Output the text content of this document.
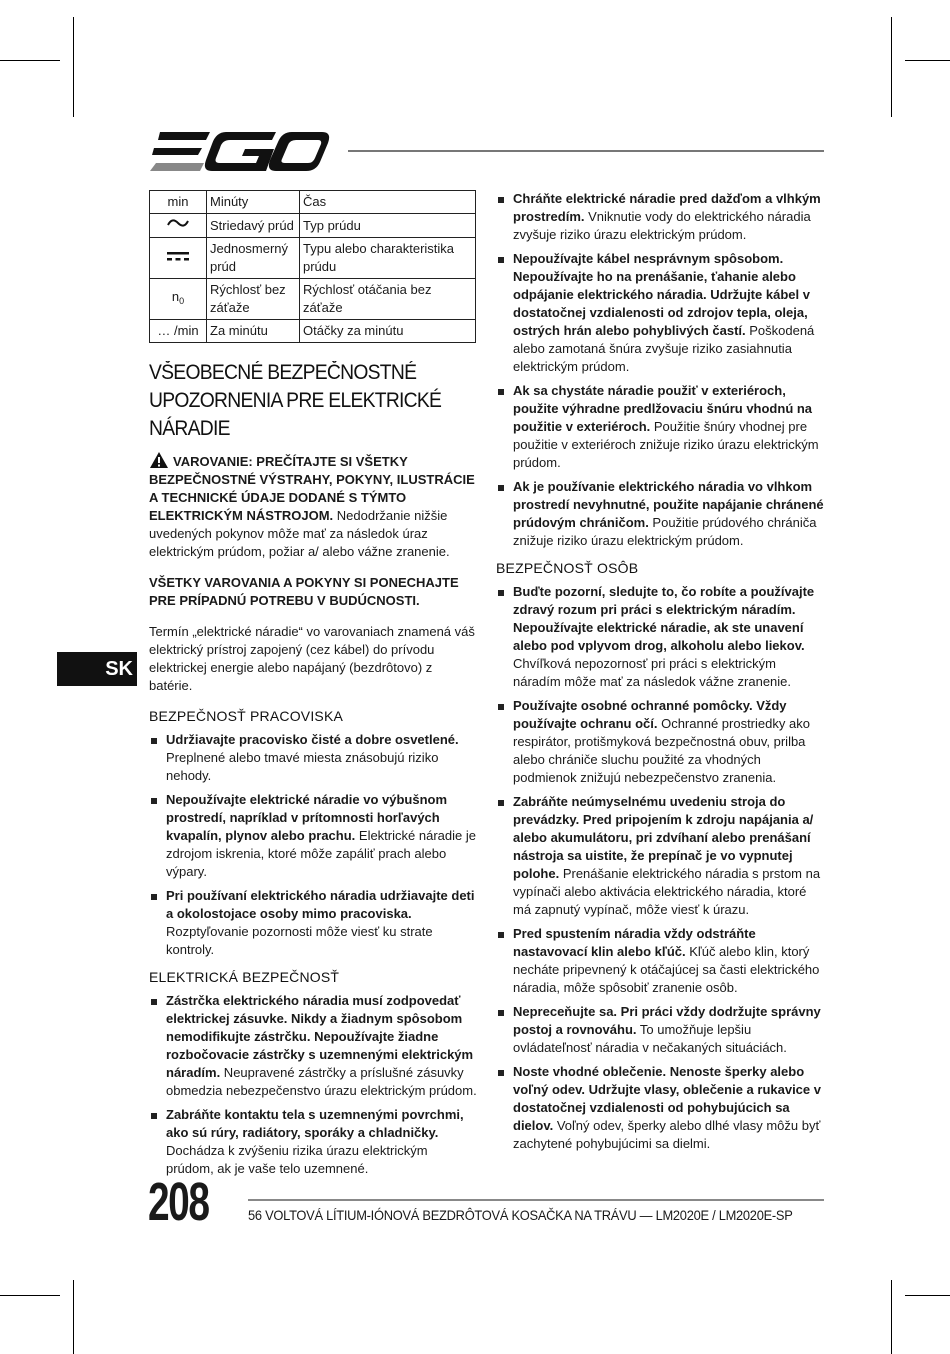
min	Minúty	Čas
	Striedavý prúd	Typ prúdu
	Jednosmerný prúd	Typu alebo charakteristika prúdu
$n_0$	Rýchlosť bez záťaže	Rýchlosť otáčania bez záťaže
… /min	Za minútu	Otáčky za minútu
VŠEOBECNÉ BEZPEČNOSTNÉ UPOZORNENIA PRE ELEKTRICKÉ NÁRADIE

VAROVANIE: PREČÍTAJTE SI VŠETKY BEZPEČNOSTNÉ VÝSTRAHY, POKYNY, ILUSTRÁCIE A TECHNICKÉ ÚDAJE DODANÉ S TÝMTO ELEKTRICKÝM NÁSTROJOM. Nedodržanie nižšie uvedených pokynov môže mať za následok úraz elektrickým prúdom, požiar a/ alebo vážne zranenie.

VŠETKY VAROVANIA A POKYNY SI PONECHAJTE PRE PRÍPADNÚ POTREBU V BUDÚCNOSTI.

Termín „elektrické náradie“ vo varovaniach znamená váš elektrický prístroj zapojený (cez kábel) do prívodu elektrickej energie alebo napájaný (bezdrôtovo) z batérie.

BEZPEČNOSŤ PRACOVISKA
Udržiavajte pracovisko čisté a dobre osvetlené. Preplnené alebo tmavé miesta znásobujú riziko nehody.
Nepoužívajte elektrické náradie vo výbušnom prostredí, napríklad v prítomnosti horľavých kvapalín, plynov alebo prachu. Elektrické náradie je zdrojom iskrenia, ktoré môže zapáliť prach alebo výpary.
Pri používaní elektrického náradia udržiavajte deti a okolostojace osoby mimo pracoviska. Rozptyľovanie pozornosti môže viesť ku strate kontroly.
ELEKTRICKÁ BEZPEČNOSŤ
Zástrčka elektrického náradia musí zodpovedať elektrickej zásuvke. Nikdy a žiadnym spôsobom nemodifikujte zástrčku. Nepoužívajte žiadne rozbočovacie zástrčky s uzemnenými elektrickým náradím. Neupravené zástrčky a príslušné zásuvky obmedzia nebezpečenstvo úrazu elektrickým prúdom.
Zabráňte kontaktu tela s uzemnenými povrchmi, ako sú rúry, radiátory, sporáky a chladničky. Dochádza k zvýšeniu rizika úrazu elektrickým prúdom, ak je vaše telo uzemnené.
Chráňte elektrické náradie pred dažďom a vlhkým prostredím. Vniknutie vody do elektrického náradia zvyšuje riziko úrazu elektrickým prúdom.
Nepoužívajte kábel nesprávnym spôsobom. Nepoužívajte ho na prenášanie, ťahanie alebo odpájanie elektrického náradia. Udržujte kábel v dostatočnej vzdialenosti od zdrojov tepla, oleja, ostrých hrán alebo pohyblivých častí. Poškodená alebo zamotaná šnúra zvyšuje riziko zasiahnutia elektrickým prúdom.
Ak sa chystáte náradie použiť v exteriéroch, použite výhradne predlžovaciu šnúru vhodnú na použitie v exteriéroch. Použitie šnúry vhodnej pre použitie v exteriéroch znižuje riziko úrazu elektrickým prúdom.
Ak je používanie elektrického náradia vo vlhkom prostredí nevyhnutné, použite napájanie chránené prúdovým chráničom. Použitie prúdového chrániča znižuje riziko úrazu elektrickým prúdom.
BEZPEČNOSŤ OSÔB
Buďte pozorní, sledujte to, čo robíte a používajte zdravý rozum pri práci s elektrickým náradím. Nepoužívajte elektrické náradie, ak ste unavení alebo pod vplyvom drog, alkoholu alebo liekov. Chvíľková nepozornosť pri práci s elektrickým náradím môže mať za následok vážne zranenie.
Používajte osobné ochranné pomôcky. Vždy používajte ochranu očí. Ochranné prostriedky ako respirátor, protišmyková bezpečnostná obuv, prilba alebo chrániče sluchu použité za vhodných podmienok znižujú nebezpečenstvo zranenia.
Zabráňte neúmyselnému uvedeniu stroja do prevádzky. Pred pripojením k zdroju napájania a/ alebo akumulátoru, pri zdvíhaní alebo prenášaní nástroja sa uistite, že prepínač je vo vypnutej polohe. Prenášanie elektrického náradia s prstom na vypínači alebo aktivácia elektrického náradia, ktoré má zapnutý vypínač, môže viesť k úrazu.
Pred spustením náradia vždy odstráňte nastavovací klin alebo kľúč. Kľúč alebo klin, ktorý necháte pripevnený k otáčajúcej sa časti elektrického náradia, môže spôsobiť zranenie osôb.
Nepreceňujte sa. Pri práci vždy dodržujte správny postoj a rovnováhu. To umožňuje lepšiu ovládateľnosť náradia v nečakaných situáciách.
Noste vhodné oblečenie. Nenoste šperky alebo voľný odev. Udržujte vlasy, oblečenie a rukavice v dostatočnej vzdialenosti od pohybujúcich sa dielov. Voľný odev, šperky alebo dlhé vlasy môžu byť zachytené pohybujúcimi sa dielmi.
SK
208	56 VOLTOVÁ LÍTIUM-IÓNOVÁ BEZDRÔTOVÁ KOSAČKA NA TRÁVU — LM2020E / LM2020E-SP
